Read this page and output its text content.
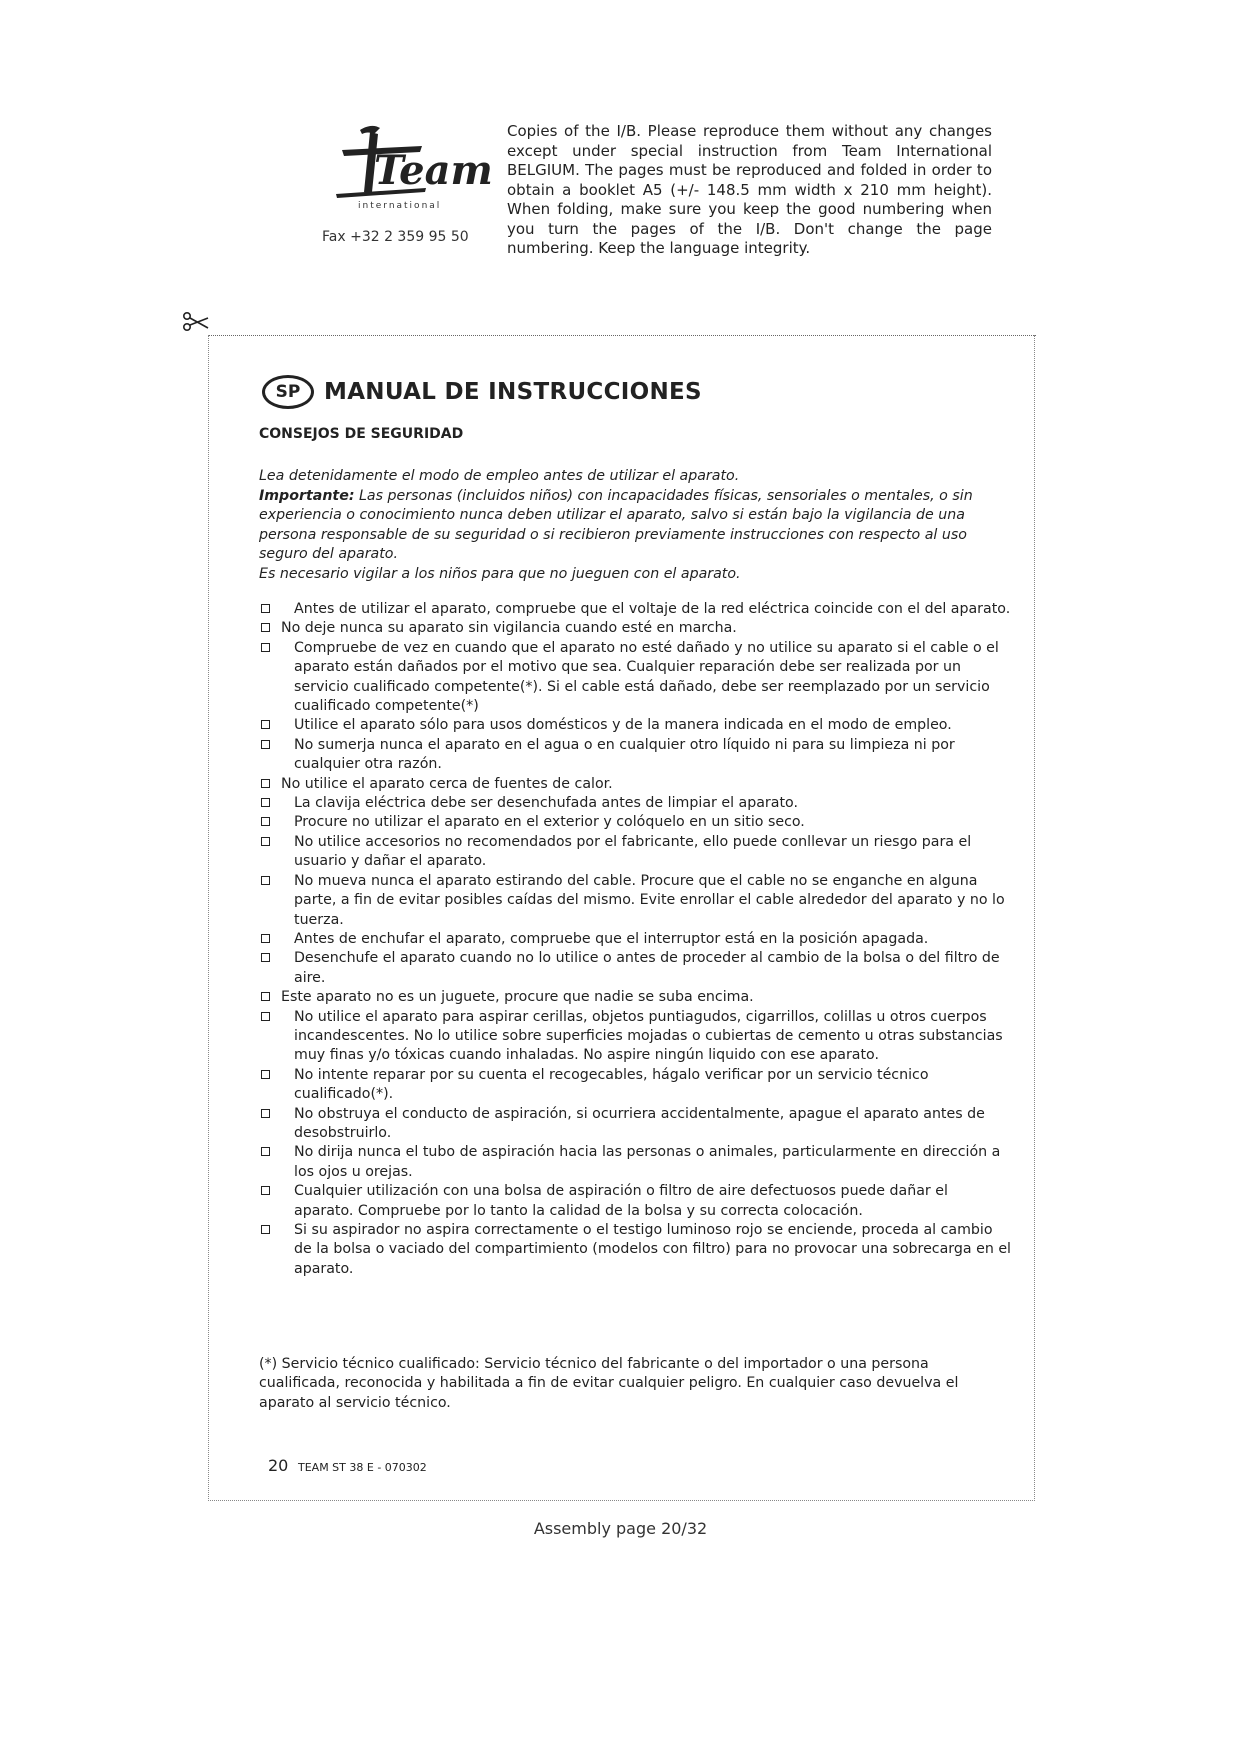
Team
international
Fax +32 2 359 95 50
Copies of the I/B. Please reproduce them without any changes except under special instruction from Team International BELGIUM. The pages must be reproduced and folded in order to obtain a booklet A5 (+/- 148.5 mm width x 210 mm height). When folding, make sure you keep the good numbering when you turn the pages of the I/B. Don't change the page numbering. Keep the language integrity.
SP	MANUAL DE INSTRUCCIONES
CONSEJOS DE SEGURIDAD

Lea detenidamente el modo de empleo antes de utilizar el aparato.

Importante: Las personas (incluidos niños) con incapacidades físicas, sensoriales o mentales, o sin experiencia o conocimiento nunca deben utilizar el aparato, salvo si están bajo la vigilancia de una persona responsable de su seguridad o si recibieron previamente instrucciones con respecto al uso seguro del aparato.

Es necesario vigilar a los niños para que no jueguen con el aparato.

Antes de utilizar el aparato, compruebe que el voltaje de la red eléctrica coincide con el del aparato.
No deje nunca su aparato sin vigilancia cuando esté en marcha.
Compruebe de vez en cuando que el aparato no esté dañado y no utilice su aparato si el cable o el aparato están dañados por el motivo que sea. Cualquier reparación debe ser realizada por un servicio cualificado competente(*). Si el cable está dañado, debe ser reemplazado por un servicio cualificado competente(*)
Utilice el aparato sólo para usos domésticos y de la manera indicada en el modo de empleo.
No sumerja nunca el aparato en el agua o en cualquier otro líquido ni para su limpieza ni por cualquier otra razón.
No utilice el aparato cerca de fuentes de calor.
La clavija eléctrica debe ser desenchufada antes de limpiar el aparato.
Procure no utilizar el aparato en el exterior y colóquelo en un sitio seco.
No utilice accesorios no recomendados por el fabricante, ello puede conllevar un riesgo para el usuario y dañar el aparato.
No mueva nunca el aparato estirando del cable. Procure que el cable no se enganche en alguna parte, a fin de evitar posibles caídas del mismo. Evite enrollar el cable alrededor del aparato y no lo tuerza.
Antes de enchufar el aparato, compruebe que el interruptor está en la posición apagada.
Desenchufe el aparato cuando no lo utilice o antes de proceder al cambio de la bolsa o del filtro de aire.
Este aparato no es un juguete, procure que nadie se suba encima.
No utilice el aparato para aspirar cerillas, objetos puntiagudos, cigarrillos, colillas u otros cuerpos incandescentes. No lo utilice sobre superficies mojadas o cubiertas de cemento u otras substancias muy finas y/o tóxicas cuando inhaladas. No aspire ningún liquido con ese aparato.
No intente reparar por su cuenta el recogecables, hágalo verificar por un servicio técnico cualificado(*).
No obstruya el conducto de aspiración, si ocurriera accidentalmente, apague el aparato antes de desobstruirlo.
No dirija nunca el tubo de aspiración hacia las personas o animales, particularmente en dirección a los ojos u orejas.
Cualquier utilización con una bolsa de aspiración o filtro de aire defectuosos puede dañar el aparato. Compruebe por lo tanto la calidad de la bolsa y su correcta colocación.
Si su aspirador no aspira correctamente o el testigo luminoso rojo se enciende, proceda al cambio de la bolsa o vaciado del compartimiento (modelos con filtro) para no provocar una sobrecarga en el aparato.
(*) Servicio técnico cualificado: Servicio técnico del fabricante o del importador o una persona cualificada, reconocida y habilitada a fin de evitar cualquier peligro. En cualquier caso devuelva el aparato al servicio técnico.
20 TEAM ST 38 E - 070302
Assembly page 20/32
